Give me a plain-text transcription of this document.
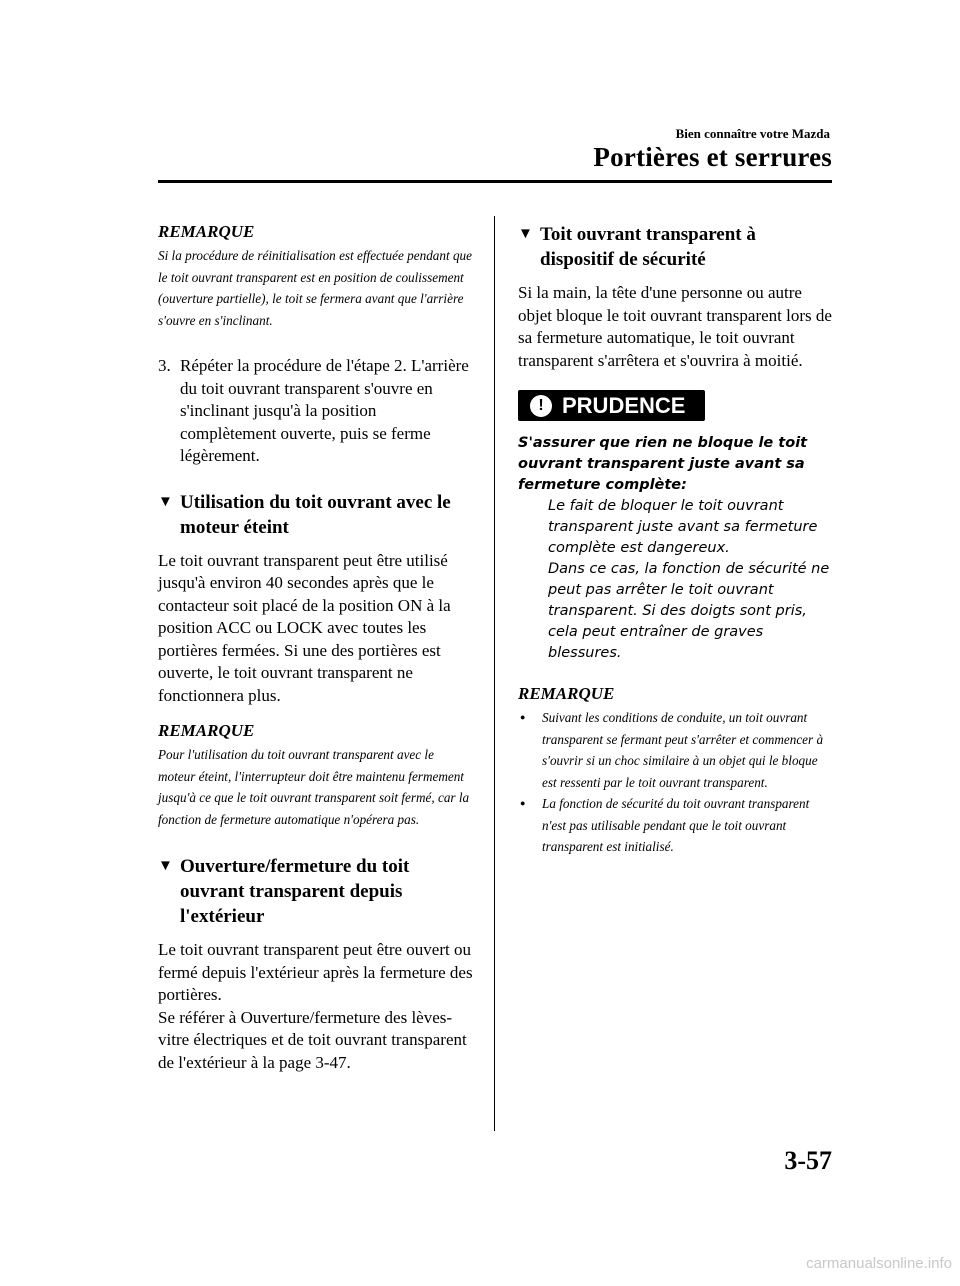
Bien connaître votre Mazda
Portières et serrures

REMARQUE

Si la procédure de réinitialisation est effectuée pendant que le toit ouvrant transparent est en position de coulissement (ouverture partielle), le toit se fermera avant que l'arrière s'ouvre en s'inclinant.

3. Répéter la procédure de l'étape 2. L'arrière du toit ouvrant transparent s'ouvre en s'inclinant jusqu'à la position complètement ouverte, puis se ferme légèrement.

▼ Utilisation du toit ouvrant avec le moteur éteint

Le toit ouvrant transparent peut être utilisé jusqu'à environ 40 secondes après que le contacteur soit placé de la position ON à la position ACC ou LOCK avec toutes les portières fermées. Si une des portières est ouverte, le toit ouvrant transparent ne fonctionnera plus.

REMARQUE

Pour l'utilisation du toit ouvrant transparent avec le moteur éteint, l'interrupteur doit être maintenu fermement jusqu'à ce que le toit ouvrant transparent soit fermé, car la fonction de fermeture automatique n'opérera pas.

▼ Ouverture/fermeture du toit ouvrant transparent depuis l'extérieur

Le toit ouvrant transparent peut être ouvert ou fermé depuis l'extérieur après la fermeture des portières.

Se référer à Ouverture/fermeture des lèves-vitre électriques et de toit ouvrant transparent de l'extérieur à la page 3-47.

▼ Toit ouvrant transparent à dispositif de sécurité

Si la main, la tête d'une personne ou autre objet bloque le toit ouvrant transparent lors de sa fermeture automatique, le toit ouvrant transparent s'arrêtera et s'ouvrira à moitié.

! PRUDENCE

S'assurer que rien ne bloque le toit ouvrant transparent juste avant sa fermeture complète:

Le fait de bloquer le toit ouvrant transparent juste avant sa fermeture complète est dangereux.

Dans ce cas, la fonction de sécurité ne peut pas arrêter le toit ouvrant transparent. Si des doigts sont pris, cela peut entraîner de graves blessures.

REMARQUE

●	Suivant les conditions de conduite, un toit ouvrant transparent se fermant peut s'arrêter et commencer à s'ouvrir si un choc similaire à un objet qui le bloque est ressenti par le toit ouvrant transparent.
●	La fonction de sécurité du toit ouvrant transparent n'est pas utilisable pendant que le toit ouvrant transparent est initialisé.
3-57
carmanualsonline.info
